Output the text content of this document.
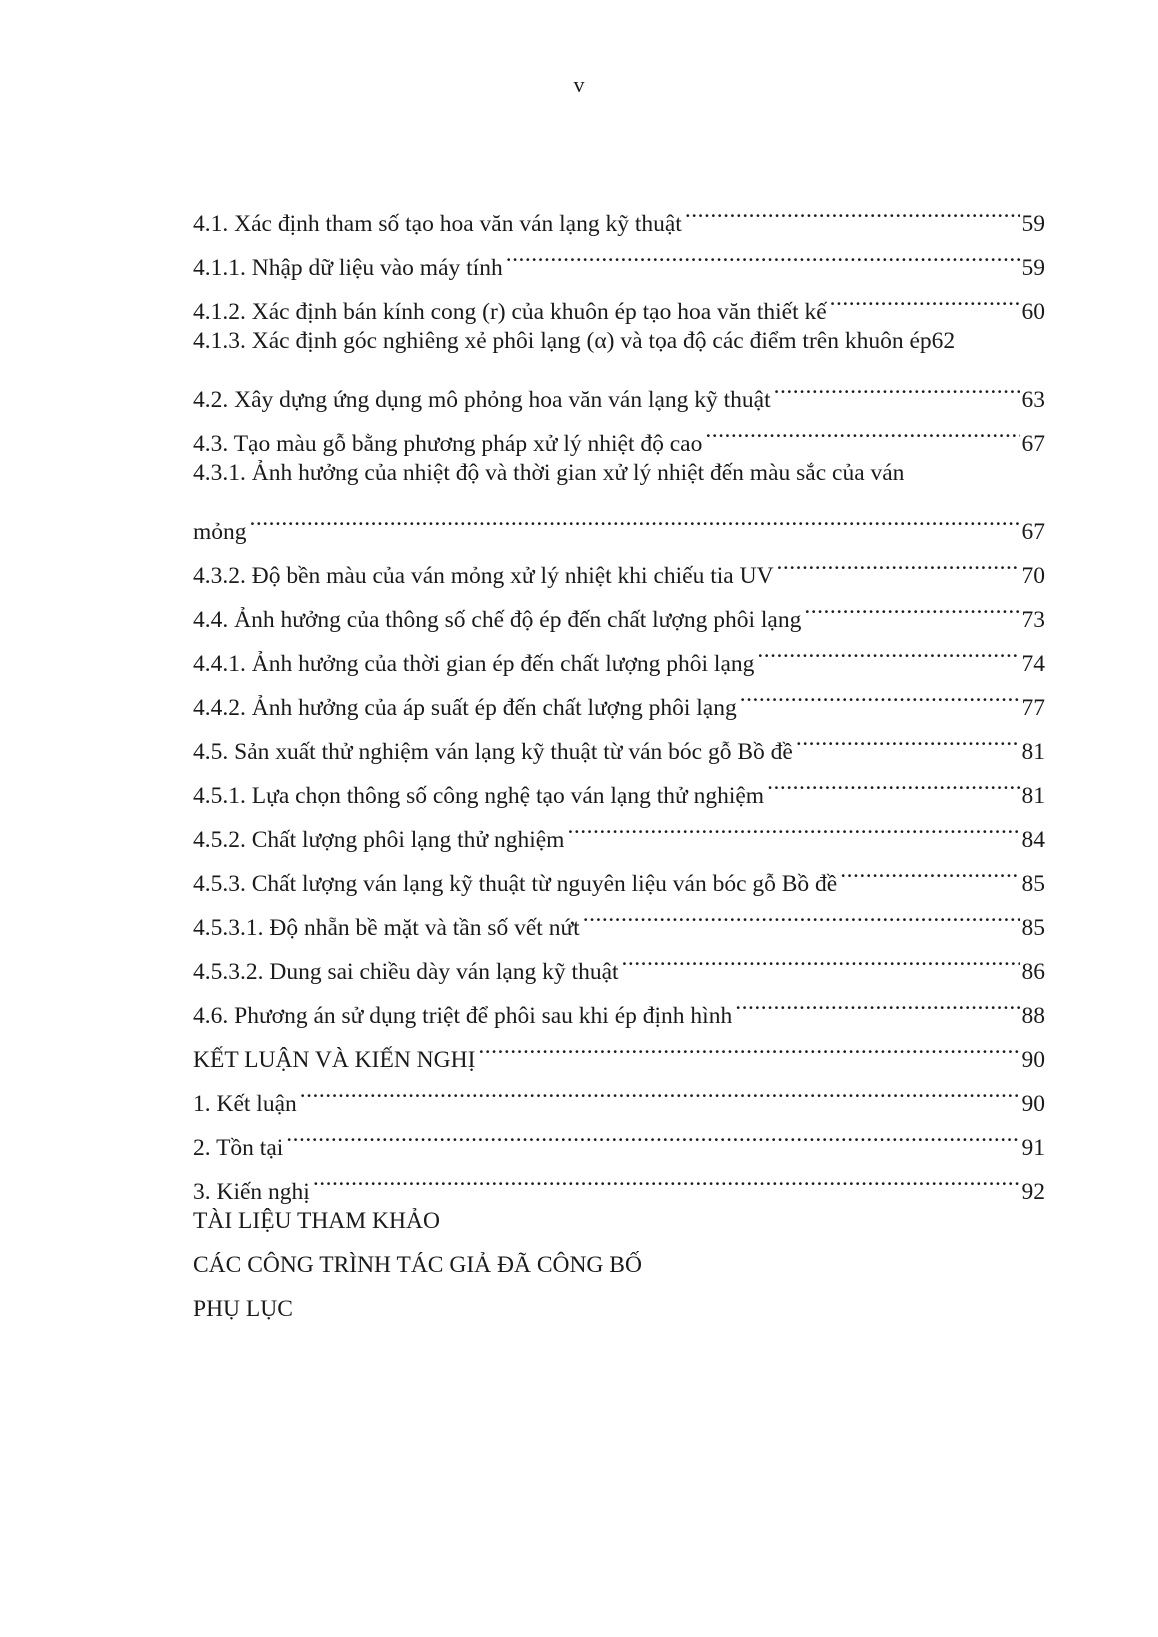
v
4.1. Xác định tham số tạo hoa văn ván lạng kỹ thuật .....	59
4.1.1. Nhập dữ liệu vào máy tính .....	59
4.1.2. Xác định bán kính cong (r) của khuôn ép tạo hoa văn thiết kế .....	60
4.1.3. Xác định góc nghiêng xẻ phôi lạng (α) và tọa độ các điểm trên khuôn ép 62
4.2. Xây dựng ứng dụng mô phỏng hoa văn ván lạng kỹ thuật .....	63
4.3. Tạo màu gỗ bằng phương pháp xử lý nhiệt độ cao .....	67
4.3.1. Ảnh hưởng của nhiệt độ và thời gian xử lý nhiệt đến màu sắc của ván
mỏng .....	67
4.3.2. Độ bền màu của ván mỏng xử lý nhiệt khi chiếu tia UV .....	70
4.4. Ảnh hưởng của thông số chế độ ép đến chất lượng phôi lạng .....	73
4.4.1. Ảnh hưởng của thời gian ép đến chất lượng phôi lạng .....	74
4.4.2. Ảnh hưởng của áp suất ép đến chất lượng phôi lạng .....	77
4.5. Sản xuất thử nghiệm ván lạng kỹ thuật từ ván bóc gỗ Bồ đề .....	81
4.5.1. Lựa chọn thông số công nghệ tạo ván lạng thử nghiệm .....	81
4.5.2. Chất lượng phôi lạng thử nghiệm .....	84
4.5.3. Chất lượng ván lạng kỹ thuật từ nguyên liệu ván bóc gỗ Bồ đề .....	85
4.5.3.1. Độ nhẵn bề mặt và tần số vết nứt .....	85
4.5.3.2. Dung sai chiều dày ván lạng kỹ thuật .....	86
4.6. Phương án sử dụng triệt để phôi sau khi ép định hình .....	88
KẾT LUẬN VÀ KIẾN NGHỊ .....	90
1. Kết luận .....	90
2. Tồn tại .....	91
3. Kiến nghị .....	92
TÀI LIỆU THAM KHẢO
CÁC CÔNG TRÌNH TÁC GIẢ ĐÃ CÔNG BỐ
PHỤ LỤC
